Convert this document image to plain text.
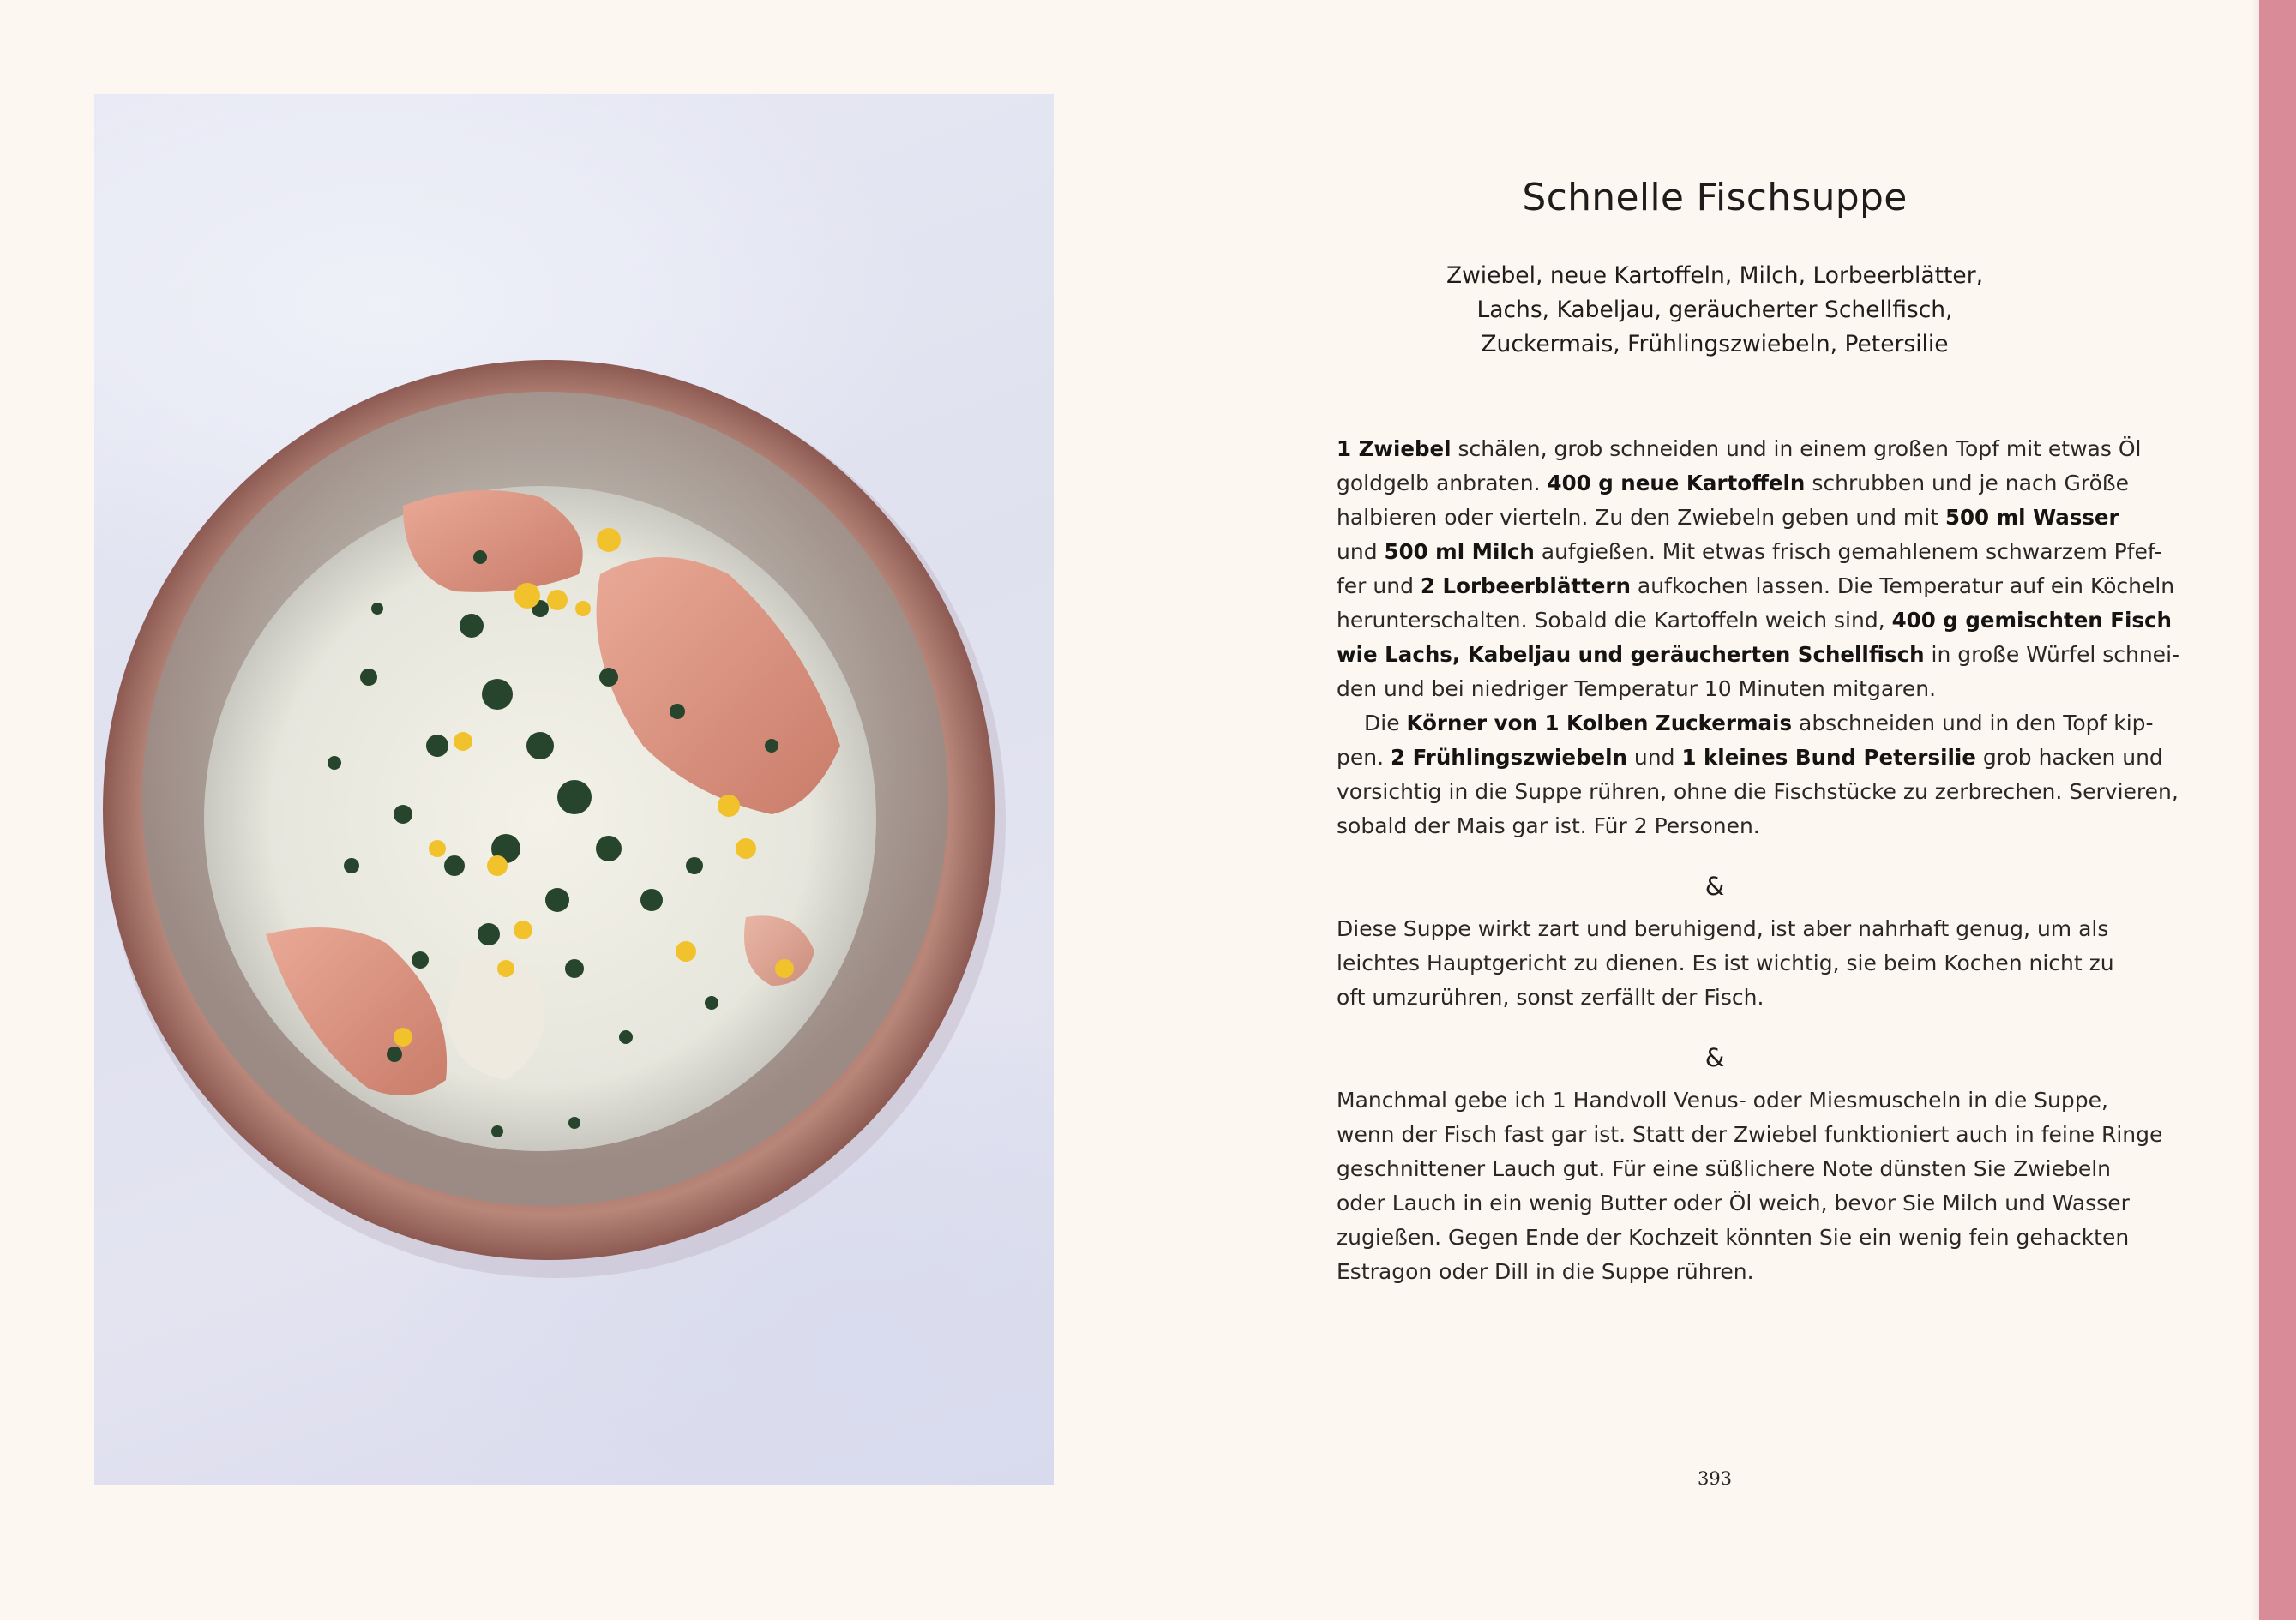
Schnelle Fischsuppe
Zwiebel, neue Kartoffeln, Milch, Lorbeerblätter,
Lachs, Kabeljau, geräucherter Schellfisch,
Zuckermais, Frühlingszwiebeln, Petersilie
1 Zwiebel schälen, grob schneiden und in einem großen Topf mit etwas Öl
goldgelb anbraten. 400 g neue Kartoffeln schrubben und je nach Größe
halbieren oder vierteln. Zu den Zwiebeln geben und mit 500 ml Wasser
und 500 ml Milch aufgießen. Mit etwas frisch gemahlenem schwarzem Pfef-
fer und 2 Lorbeerblättern aufkochen lassen. Die Temperatur auf ein Köcheln
herunterschalten. Sobald die Kartoffeln weich sind, 400 g gemischten Fisch
wie Lachs, Kabeljau und geräucherten Schellfisch in große Würfel schnei-
den und bei niedriger Temperatur 10 Minuten mitgaren.
Die Körner von 1 Kolben Zuckermais abschneiden und in den Topf kip-
pen. 2 Frühlingszwiebeln und 1 kleines Bund Petersilie grob hacken und
vorsichtig in die Suppe rühren, ohne die Fischstücke zu zerbrechen. Servieren,
sobald der Mais gar ist. Für 2 Personen.
&
Diese Suppe wirkt zart und beruhigend, ist aber nahrhaft genug, um als
leichtes Hauptgericht zu dienen. Es ist wichtig, sie beim Kochen nicht zu
oft umzurühren, sonst zerfällt der Fisch.
&
Manchmal gebe ich 1 Handvoll Venus- oder Miesmuscheln in die Suppe,
wenn der Fisch fast gar ist. Statt der Zwiebel funktioniert auch in feine Ringe
geschnittener Lauch gut. Für eine süßlichere Note dünsten Sie Zwiebeln
oder Lauch in ein wenig Butter oder Öl weich, bevor Sie Milch und Wasser
zugießen. Gegen Ende der Kochzeit könnten Sie ein wenig fein gehackten
Estragon oder Dill in die Suppe rühren.
393
